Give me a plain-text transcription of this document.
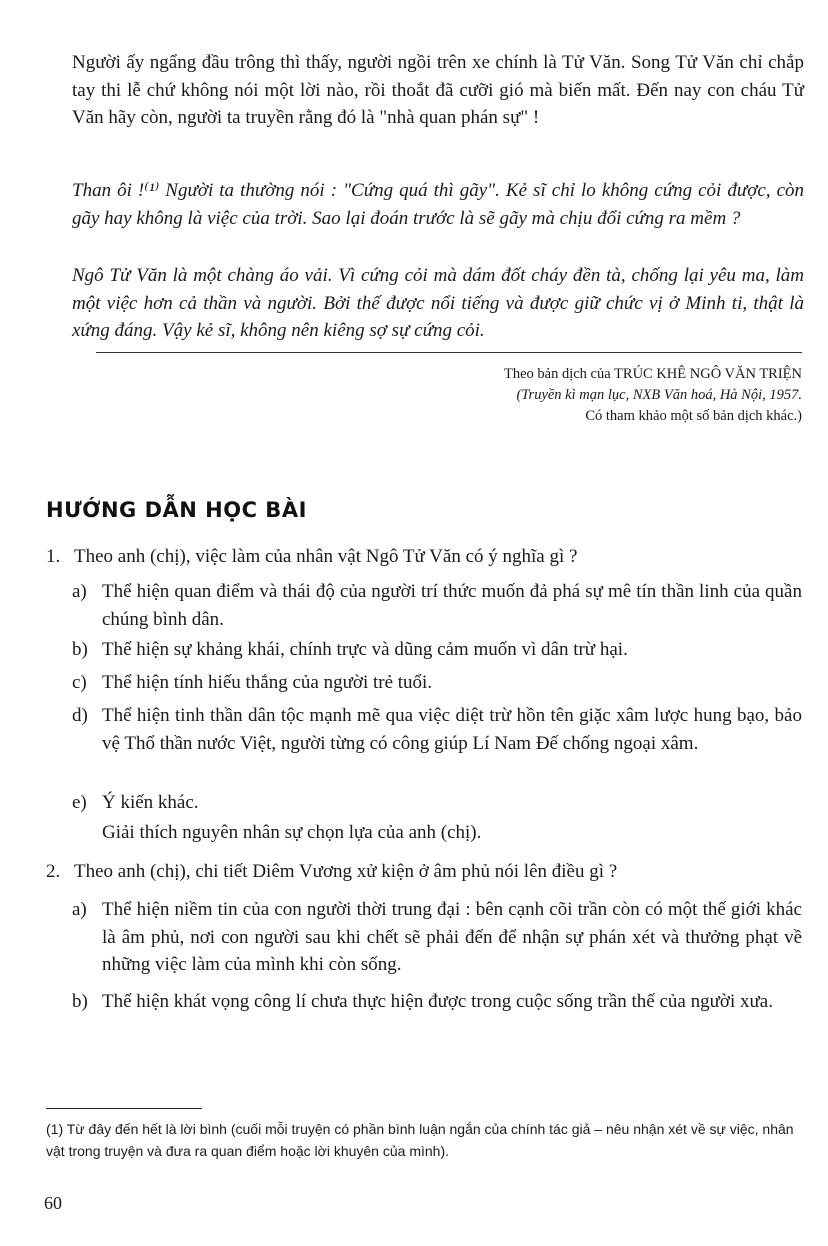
Người ấy ngẩng đầu trông thì thấy, người ngồi trên xe chính là Tử Văn. Song Tử Văn chỉ chắp tay thi lễ chứ không nói một lời nào, rồi thoắt đã cưỡi gió mà biến mất. Đến nay con cháu Tử Văn hãy còn, người ta truyền rằng đó là "nhà quan phán sự" !

Than ôi !⁽¹⁾ Người ta thường nói : "Cứng quá thì gãy". Kẻ sĩ chỉ lo không cứng cỏi được, còn gãy hay không là việc của trời. Sao lại đoán trước là sẽ gãy mà chịu đổi cứng ra mềm ?

Ngô Tử Văn là một chàng áo vải. Vì cứng cỏi mà dám đốt cháy đền tà, chống lại yêu ma, làm một việc hơn cả thần và người. Bởi thế được nổi tiếng và được giữ chức vị ở Minh ti, thật là xứng đáng. Vậy kẻ sĩ, không nên kiêng sợ sự cứng cỏi.

Theo bản dịch của TRÚC KHÊ NGÔ VĂN TRIỆN
(Truyền kì mạn lục, NXB Văn hoá, Hà Nội, 1957.
Có tham khảo một số bản dịch khác.)
HƯỚNG DẪN HỌC BÀI
1. Theo anh (chị), việc làm của nhân vật Ngô Tử Văn có ý nghĩa gì ?

a) Thể hiện quan điểm và thái độ của người trí thức muốn đả phá sự mê tín thần linh của quần chúng bình dân.

b) Thể hiện sự khảng khái, chính trực và dũng cảm muốn vì dân trừ hại.

c) Thể hiện tính hiếu thắng của người trẻ tuổi.

d) Thể hiện tinh thần dân tộc mạnh mẽ qua việc diệt trừ hồn tên giặc xâm lược hung bạo, bảo vệ Thổ thần nước Việt, người từng có công giúp Lí Nam Đế chống ngoại xâm.

e) Ý kiến khác.

Giải thích nguyên nhân sự chọn lựa của anh (chị).

2. Theo anh (chị), chi tiết Diêm Vương xử kiện ở âm phủ nói lên điều gì ?

a) Thể hiện niềm tin của con người thời trung đại : bên cạnh cõi trần còn có một thế giới khác là âm phủ, nơi con người sau khi chết sẽ phải đến để nhận sự phán xét và thưởng phạt về những việc làm của mình khi còn sống.

b) Thể hiện khát vọng công lí chưa thực hiện được trong cuộc sống trần thế của người xưa.

(1) Từ đây đến hết là lời bình (cuối mỗi truyện có phần bình luận ngắn của chính tác giả – nêu nhận xét về sự việc, nhân vật trong truyện và đưa ra quan điểm hoặc lời khuyên của mình).

60
